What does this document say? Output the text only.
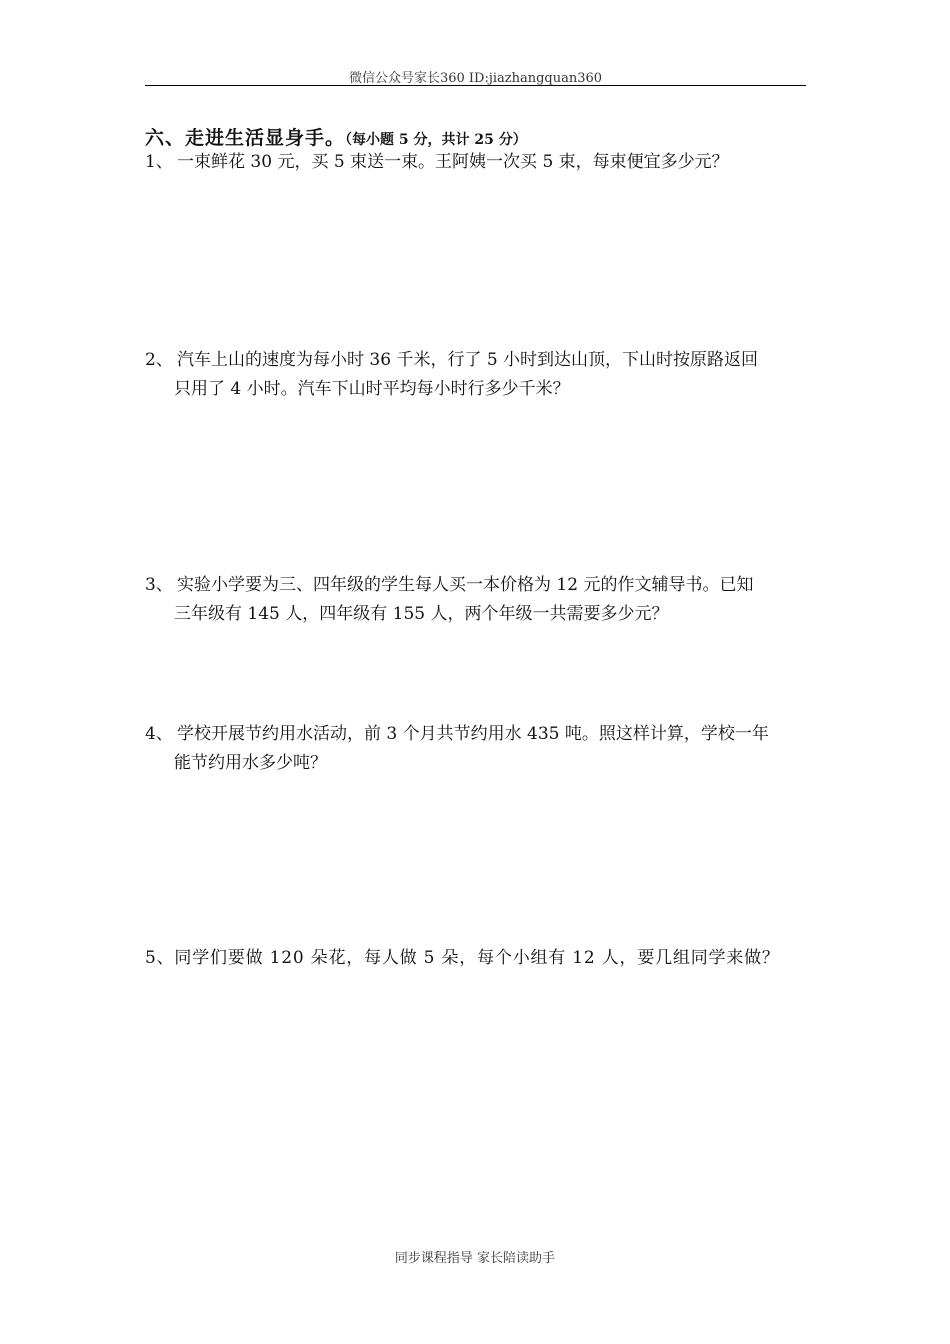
微信公众号家长360 ID:jiazhangquan360
六、走进生活显身手。（每小题 5 分，共计 25 分）
1、 一束鲜花 30 元，买 5 束送一束。王阿姨一次买 5 束，每束便宜多少元？
2、 汽车上山的速度为每小时 36 千米，行了 5 小时到达山顶，下山时按原路返回
只用了 4 小时。汽车下山时平均每小时行多少千米？
3、 实验小学要为三、四年级的学生每人买一本价格为 12 元的作文辅导书。已知
三年级有 145 人，四年级有 155 人，两个年级一共需要多少元？
4、 学校开展节约用水活动，前 3 个月共节约用水 435 吨。照这样计算，学校一年
能节约用水多少吨？
5、同学们要做 120 朵花，每人做 5 朵，每个小组有 12 人，要几组同学来做？
同步课程指导 家长陪读助手
